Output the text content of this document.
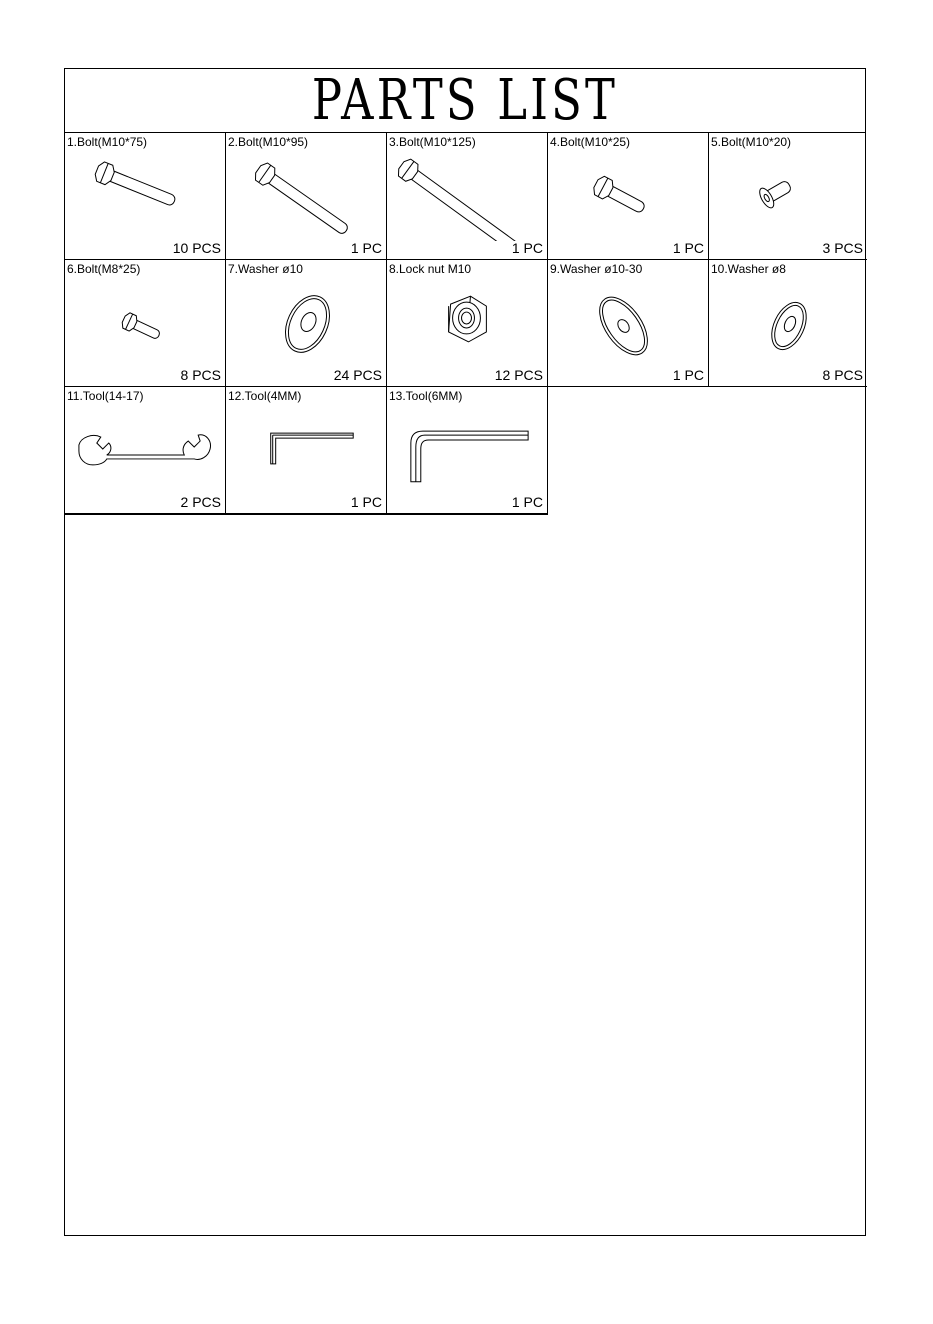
PARTS LIST
1.Bolt(M10*75)
10 PCS
2.Bolt(M10*95)
1 PC
3.Bolt(M10*125)
1 PC
4.Bolt(M10*25)
1 PC
5.Bolt(M10*20)
3 PCS
6.Bolt(M8*25)
8 PCS
7.Washer ø10
24 PCS
8.Lock nut M10
12 PCS
9.Washer ø10-30
1 PC
10.Washer ø8
8 PCS
11.Tool(14-17)
2 PCS
12.Tool(4MM)
1 PC
13.Tool(6MM)
1 PC
